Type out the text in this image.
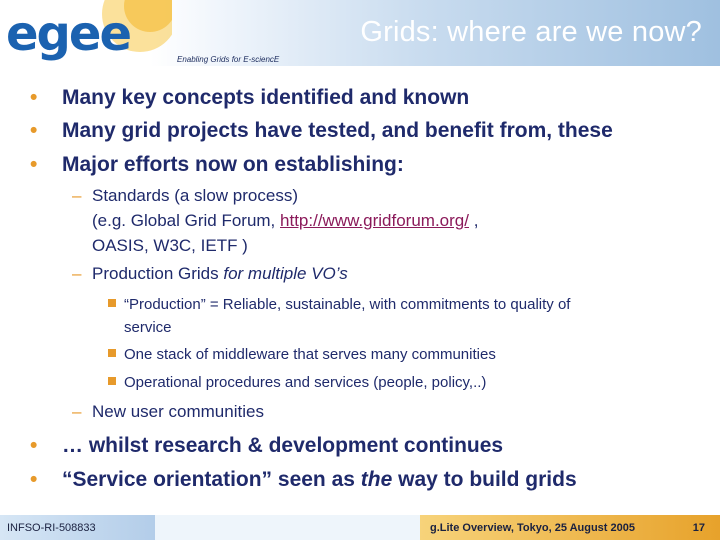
egee	Grids: where are we now?
Enabling Grids for E-sciencE
• Many key concepts identified and known
• Many grid projects have tested, and benefit from, these
• Major efforts now on establishing:
– Standards (a slow process)
(e.g. Global Grid Forum, http://www.gridforum.org/ ,
OASIS, W3C, IETF )
– Production Grids for multiple VO’s
“Production” = Reliable, sustainable, with commitments to quality of
service
One stack of middleware that serves many communities
Operational procedures and services (people, policy,..)
– New user communities
• … whilst research & development continues
• “Service orientation” seen as the way to build grids
INFSO-RI-508833	g.Lite Overview, Tokyo, 25 August 2005	17
